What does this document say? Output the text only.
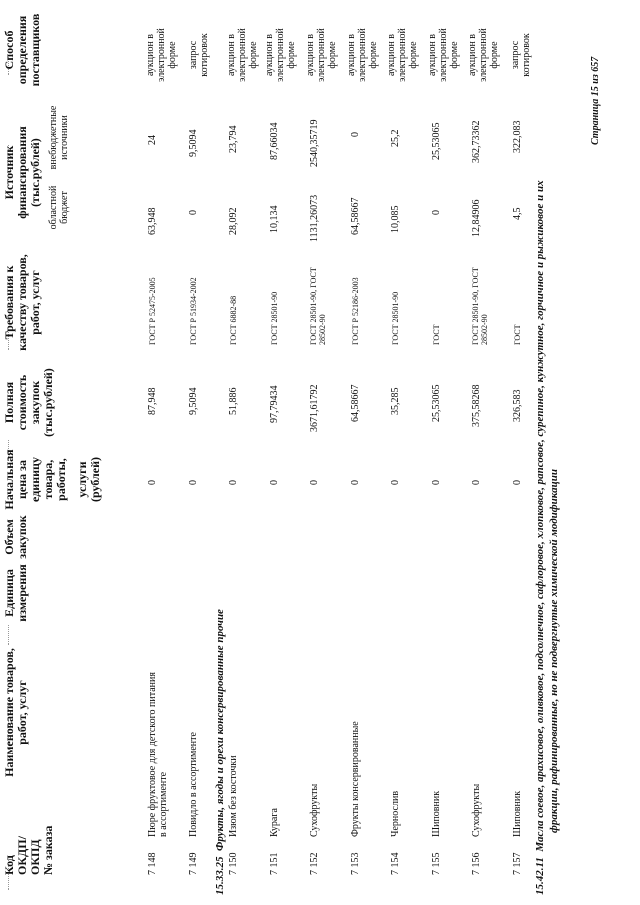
Код ОКДП/ ОКПД № заказа
Наименование товаров, работ, услуг
Единица измерения
Объем закупок
Начальная цена за единицу товара, работы, услуги (рублей)
Полная стоимость закупок (тыс.рублей)
Требования к качеству товаров, работ, услуг
Источник финансирования (тыс.рублей)
областной бюджет
внебюджетные источники
Способ определения поставщиков
7 148
Пюре фруктовое для детского питания в ассортименте
0
87,948
ГОСТ Р 52475-2005
63,948
24
аукцион в электронной форме
7 149
Повидло в ассортименте
0
9,5094
ГОСТ Р 51934-2002
0
9,5094
запрос котировок
15.33.25  Фрукты, ягоды и орехи консервированные прочие
7 150
Изюм без косточки
0
51,886
ГОСТ 6882-88
28,092
23,794
аукцион в электронной форме
7 151
Курага
0
97,79434
ГОСТ 28501-90
10,134
87,66034
аукцион в электронной форме
7 152
Сухофрукты
0
3671,61792
ГОСТ 28501-90, ГОСТ 28502-90
1131,26073
2540,35719
аукцион в электронной форме
7 153
Фрукты консервированные
0
64,58667
ГОСТ Р 52186-2003
64,58667
0
аукцион в электронной форме
7 154
Чернослив
0
35,285
ГОСТ 28501-90
10,085
25,2
аукцион в электронной форме
7 155
Шиповник
0
25,53065
ГОСТ
0
25,53065
аукцион в электронной форме
7 156
Сухофрукты
0
375,58268
ГОСТ 28501-90, ГОСТ 28502-90
12,84906
362,73362
аукцион в электронной форме
7 157
Шиповник
0
326,583
ГОСТ
4,5
322,083
запрос котировок
15.42.11  Масла соевое, арахисовое, оливковое, подсолнечное, сафлоровое, хлопковое, рапсовое, суреппное, кунжутное, горчичное и рыжиковое и их фракции, рафинированные, но не подвергнутые химической модификации
Страница 15 из 657
